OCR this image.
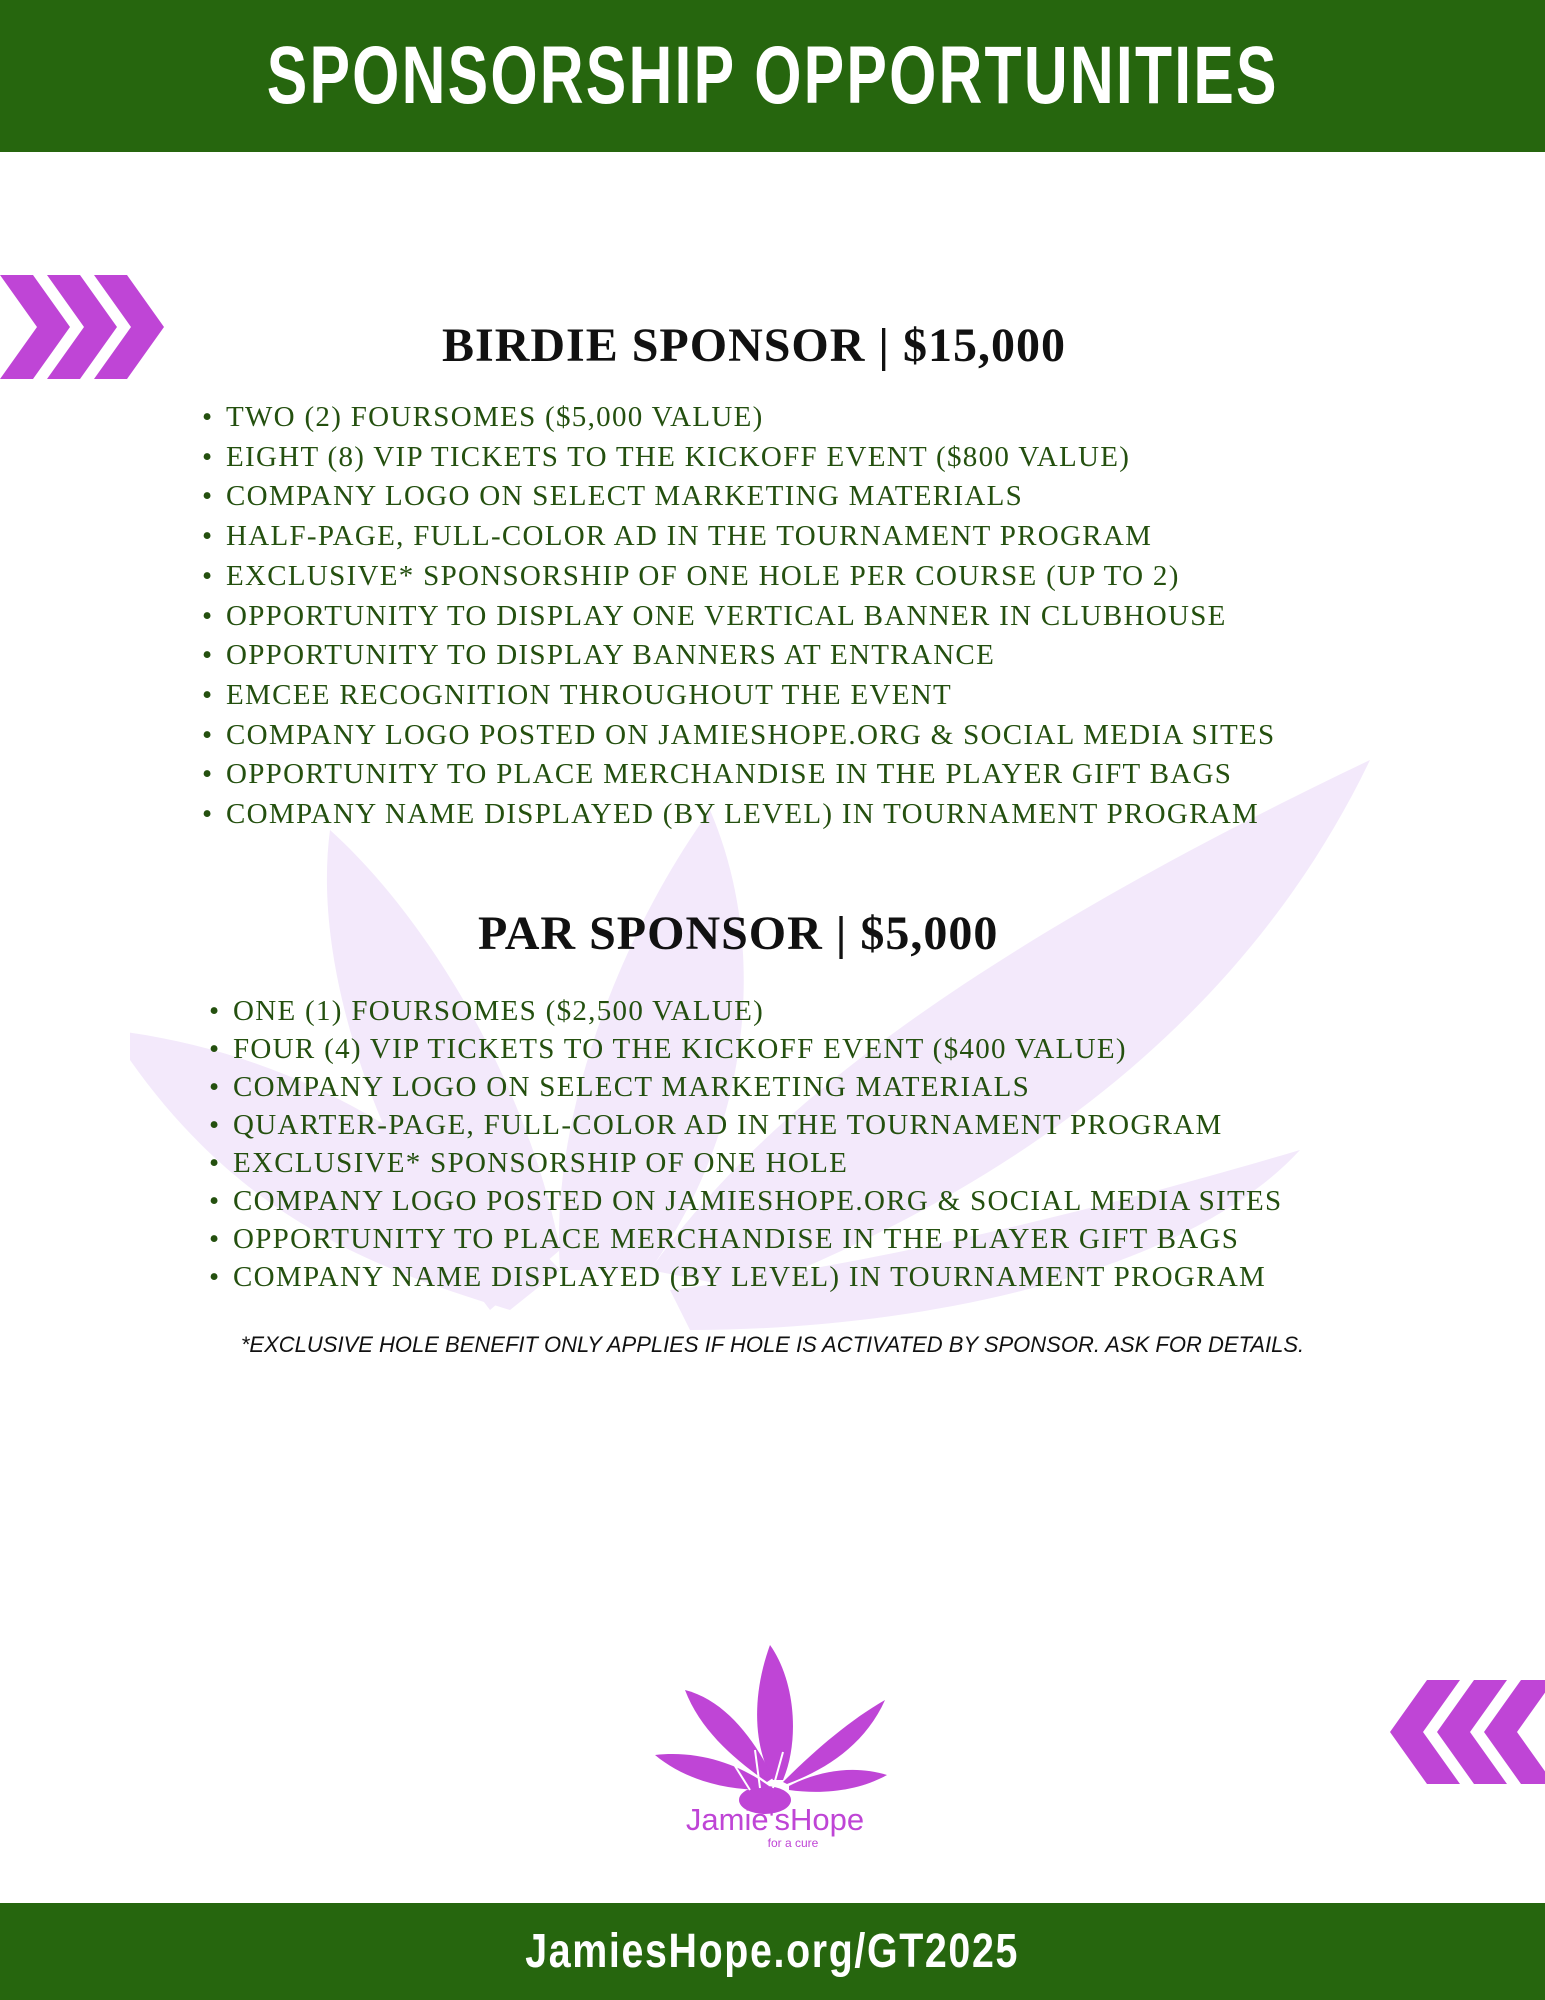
SPONSORSHIP OPPORTUNITIES
BIRDIE SPONSOR | $15,000
• TWO (2) FOURSOMES ($5,000 VALUE)
• EIGHT (8) VIP TICKETS TO THE KICKOFF EVENT ($800 VALUE)
• COMPANY LOGO ON SELECT MARKETING MATERIALS
• HALF-PAGE, FULL-COLOR AD IN THE TOURNAMENT PROGRAM
• EXCLUSIVE* SPONSORSHIP OF ONE HOLE PER COURSE (UP TO 2)
• OPPORTUNITY TO DISPLAY ONE VERTICAL BANNER IN CLUBHOUSE
• OPPORTUNITY TO DISPLAY BANNERS AT ENTRANCE
• EMCEE RECOGNITION THROUGHOUT THE EVENT
• COMPANY LOGO POSTED ON JAMIESHOPE.ORG & SOCIAL MEDIA SITES
• OPPORTUNITY TO PLACE MERCHANDISE IN THE PLAYER GIFT BAGS
• COMPANY NAME DISPLAYED (BY LEVEL) IN TOURNAMENT PROGRAM
PAR SPONSOR | $5,000
• ONE (1) FOURSOMES ($2,500 VALUE)
• FOUR (4) VIP TICKETS TO THE KICKOFF EVENT ($400 VALUE)
• COMPANY LOGO ON SELECT MARKETING MATERIALS
• QUARTER-PAGE, FULL-COLOR AD IN THE TOURNAMENT PROGRAM
• EXCLUSIVE* SPONSORSHIP OF ONE HOLE
• COMPANY LOGO POSTED ON JAMIESHOPE.ORG & SOCIAL MEDIA SITES
• OPPORTUNITY TO PLACE MERCHANDISE IN THE PLAYER GIFT BAGS
• COMPANY NAME DISPLAYED (BY LEVEL) IN TOURNAMENT PROGRAM

*EXCLUSIVE HOLE BENEFIT ONLY APPLIES IF HOLE IS ACTIVATED BY SPONSOR. ASK FOR DETAILS.

Jamie'sHope
for a cure
JamiesHope.org/GT2025
